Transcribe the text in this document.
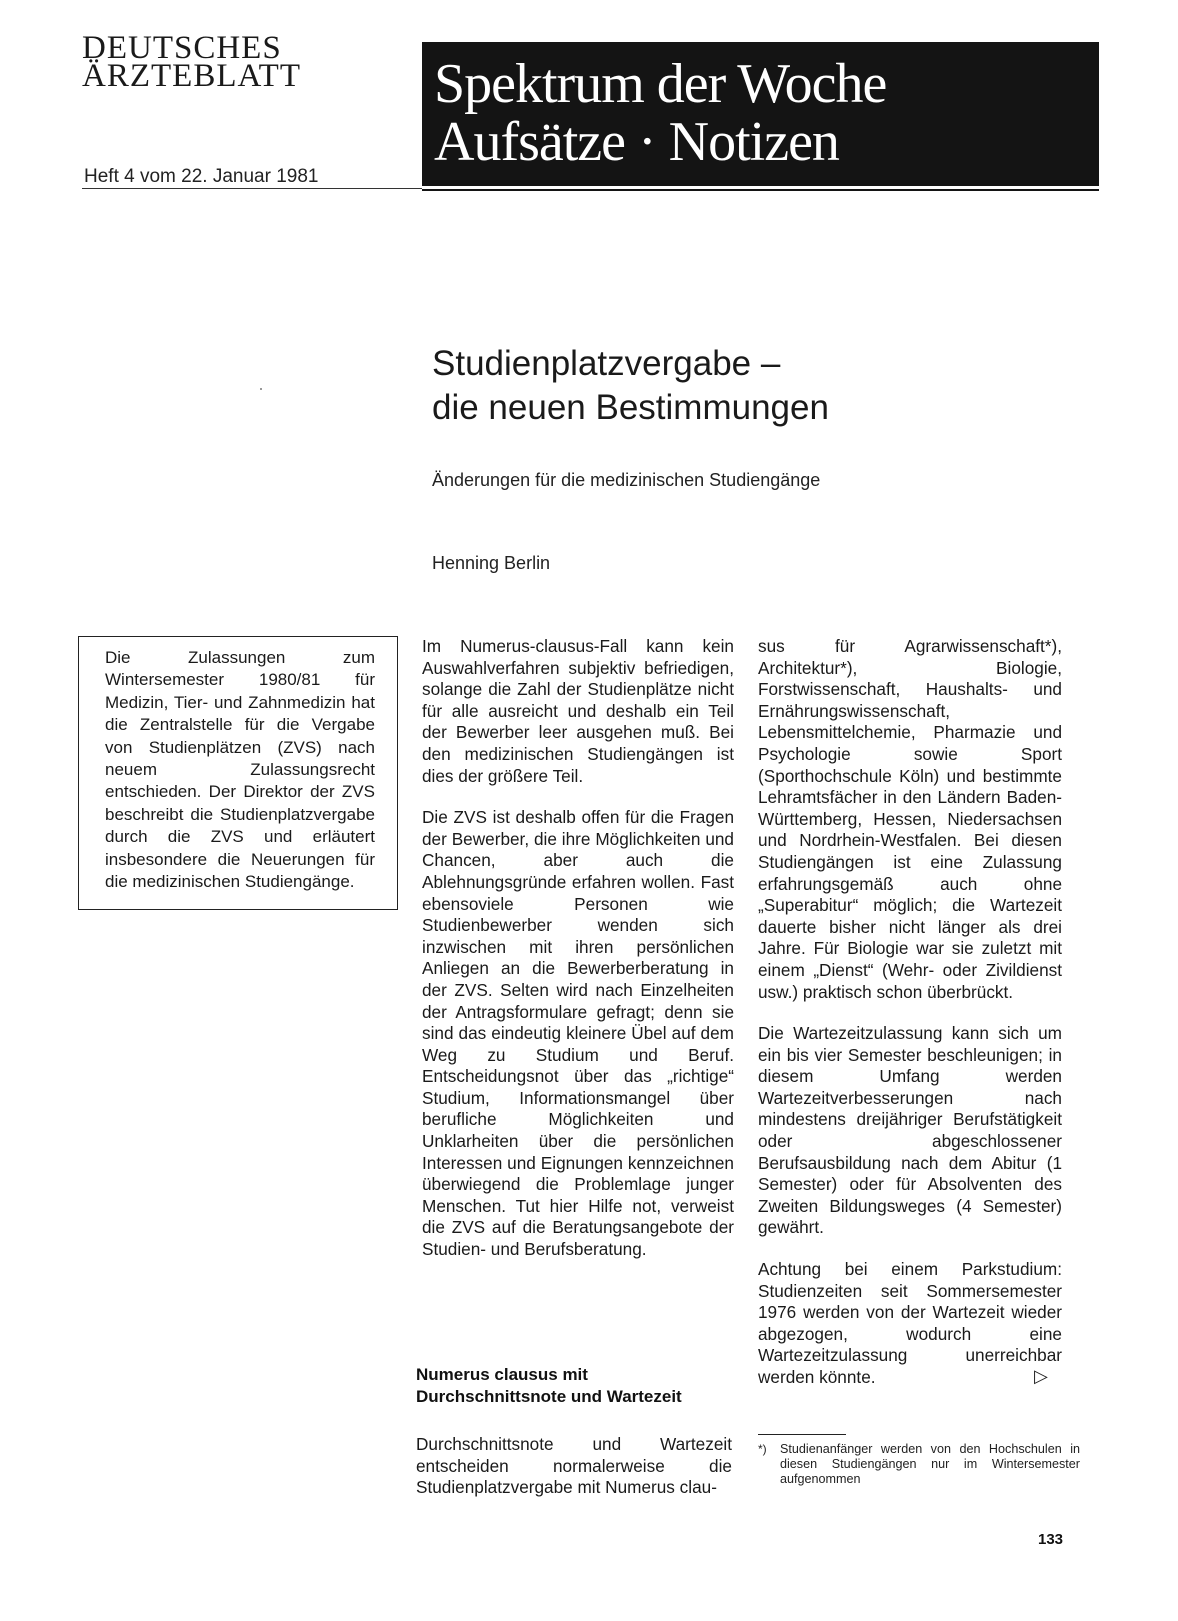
DEUTSCHES
ÄRZTEBLATT
Heft 4 vom 22. Januar 1981
Spektrum der Woche
Aufsätze · Notizen
Studienplatzvergabe –
die neuen Bestimmungen
Änderungen für die medizinischen Studiengänge
Henning Berlin
Die Zulassungen zum Wintersemester 1980/81 für Medizin, Tier- und Zahnmedizin hat die Zentralstelle für die Vergabe von Studienplätzen (ZVS) nach neuem Zulassungsrecht entschieden. Der Direktor der ZVS beschreibt die Studienplatzvergabe durch die ZVS und erläutert insbesondere die Neuerungen für die medizinischen Studiengänge.

Im Numerus-clausus-Fall kann kein Auswahlverfahren subjektiv befriedigen, solange die Zahl der Studienplätze nicht für alle ausreicht und deshalb ein Teil der Bewerber leer ausgehen muß. Bei den medizinischen Studiengängen ist dies der größere Teil.

Die ZVS ist deshalb offen für die Fragen der Bewerber, die ihre Möglichkeiten und Chancen, aber auch die Ablehnungsgründe erfahren wollen. Fast ebensoviele Personen wie Studienbewerber wenden sich inzwischen mit ihren persönlichen Anliegen an die Bewerberberatung in der ZVS. Selten wird nach Einzelheiten der Antragsformulare gefragt; denn sie sind das eindeutig kleinere Übel auf dem Weg zu Studium und Beruf. Entscheidungsnot über das „richtige“ Studium, Informationsmangel über berufliche Möglichkeiten und Unklarheiten über die persönlichen Interessen und Eignungen kennzeichnen überwiegend die Problemlage junger Menschen. Tut hier Hilfe not, verweist die ZVS auf die Beratungsangebote der Studien- und Berufsberatung.

Numerus clausus mit
Durchschnittsnote und Wartezeit

Durchschnittsnote und Wartezeit entscheiden normalerweise die Studienplatzvergabe mit Numerus clau-

sus für Agrarwissenschaft*), Architektur*), Biologie, Forstwissenschaft, Haushalts- und Ernährungswissenschaft, Lebensmittelchemie, Pharmazie und Psychologie sowie Sport (Sporthochschule Köln) und bestimmte Lehramtsfächer in den Ländern Baden-Württemberg, Hessen, Niedersachsen und Nordrhein-Westfalen. Bei diesen Studiengängen ist eine Zulassung erfahrungsgemäß auch ohne „Superabitur“ möglich; die Wartezeit dauerte bisher nicht länger als drei Jahre. Für Biologie war sie zuletzt mit einem „Dienst“ (Wehr- oder Zivildienst usw.) praktisch schon überbrückt.

Die Wartezeitzulassung kann sich um ein bis vier Semester beschleunigen; in diesem Umfang werden Wartezeitverbesserungen nach mindestens dreijähriger Berufstätigkeit oder abgeschlossener Berufsausbildung nach dem Abitur (1 Semester) oder für Absolventen des Zweiten Bildungsweges (4 Semester) gewährt.

Achtung bei einem Parkstudium: Studienzeiten seit Sommersemester 1976 werden von der Wartezeit wieder abgezogen, wodurch eine Wartezeitzulassung unerreichbar werden könnte.	▷
*) Studienanfänger werden von den Hochschulen in diesen Studiengängen nur im Wintersemester aufgenommen
133
